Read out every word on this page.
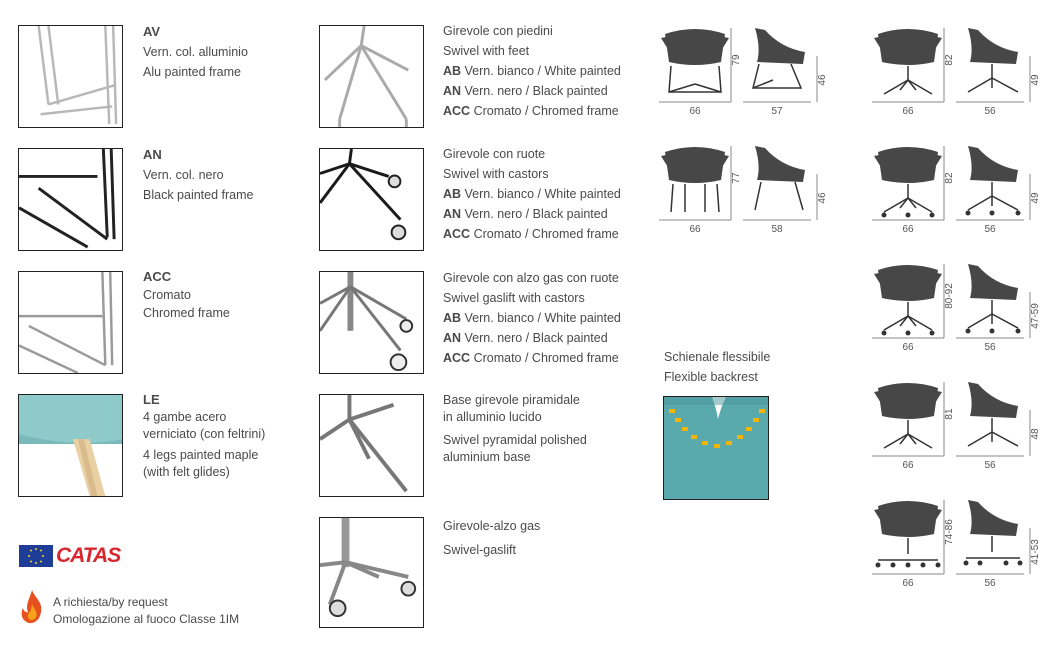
AV
Vern. col. alluminio
Alu painted frame
AN
Vern. col. nero
Black painted frame
ACC
Cromato
Chromed frame
LE
4 gambe acero
verniciato (con feltrini)
4 legs painted maple
(with felt glides)
CATAS
A richiesta/by request
Omologazione al fuoco Classe 1IM
Girevole con piedini
Swivel with feet
AB Vern. bianco / White painted
AN Vern. nero / Black painted
ACC Cromato / Chromed frame
Girevole con ruote
Swivel with castors
AB Vern. bianco / White painted
AN Vern. nero / Black painted
ACC Cromato / Chromed frame
Girevole con alzo gas con ruote
Swivel gaslift with castors
AB Vern. bianco / White painted
AN Vern. nero / Black painted
ACC Cromato / Chromed frame
Base girevole piramidale
in alluminio lucido
Swivel pyramidal polished
aluminium base
Girevole-alzo gas
Swivel-gaslift
Schienale flessibile
Flexible backrest
66	57
79
46
66	58
77
46
66	56
82
49
66	56
82
49
66	56
80-92
47-59
66	56
81
48
66	56
74-86
41-53
